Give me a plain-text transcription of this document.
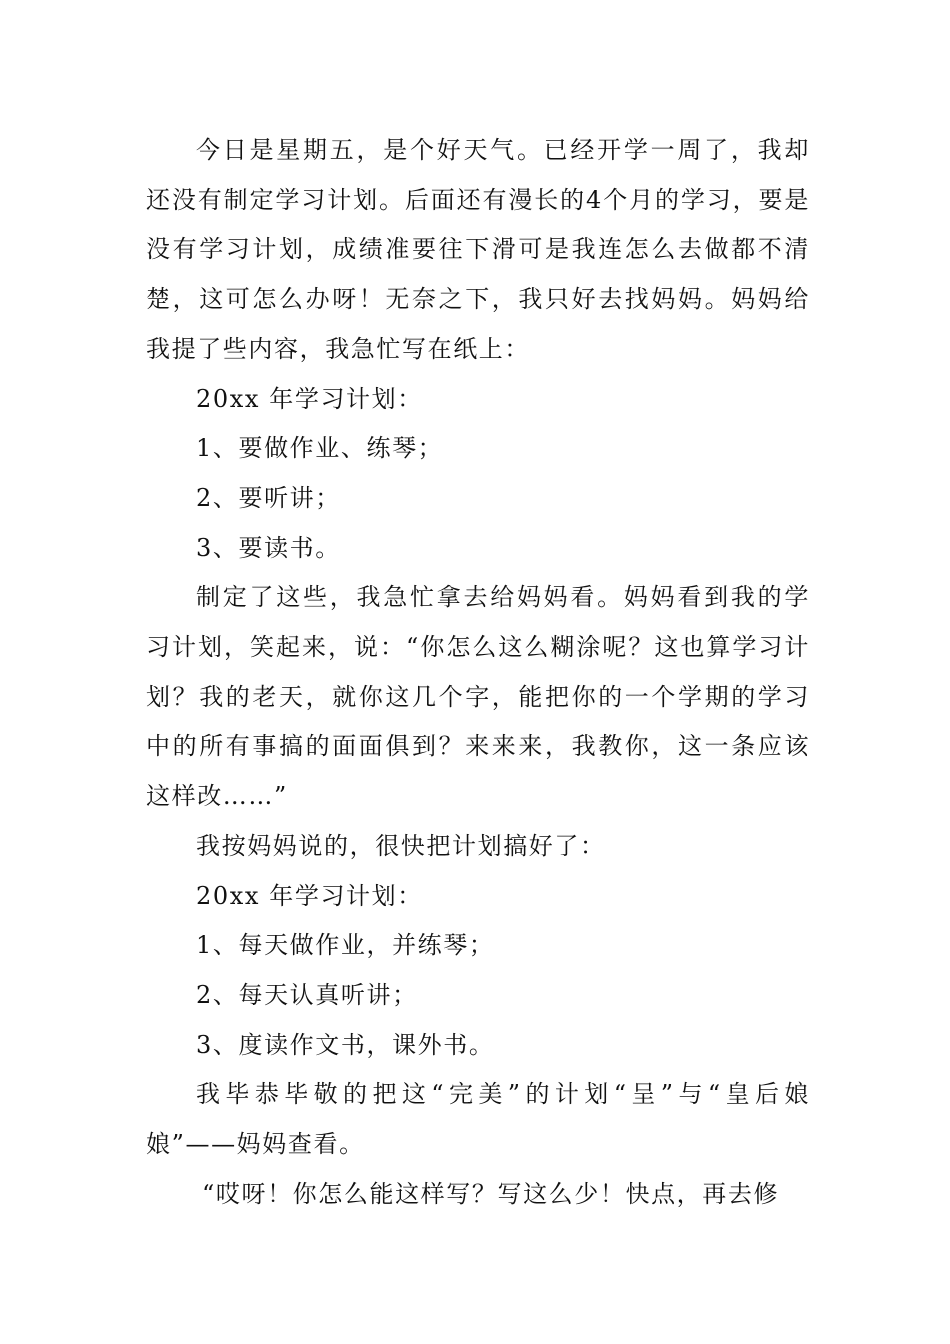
今日是星期五，是个好天气。已经开学一周了，我却还没有制定学习计划。后面还有漫长的4个月的学习，要是没有学习计划，成绩准要往下滑可是我连怎么去做都不清楚，这可怎么办呀！无奈之下，我只好去找妈妈。妈妈给我提了些内容，我急忙写在纸上：

20xx 年学习计划：

1、要做作业、练琴；

2、要听讲；

3、要读书。

制定了这些，我急忙拿去给妈妈看。妈妈看到我的学习计划，笑起来，说：“你怎么这么糊涂呢？这也算学习计划？我的老天，就你这几个字，能把你的一个学期的学习中的所有事搞的面面俱到？来来来，我教你，这一条应该这样改……”

我按妈妈说的，很快把计划搞好了：

20xx 年学习计划：

1、每天做作业，并练琴；

2、每天认真听讲；

3、度读作文书，课外书。

我毕恭毕敬的把这“完美”的计划“呈”与“皇后娘娘”——妈妈查看。

“哎呀！你怎么能这样写？写这么少！快点，再去修
